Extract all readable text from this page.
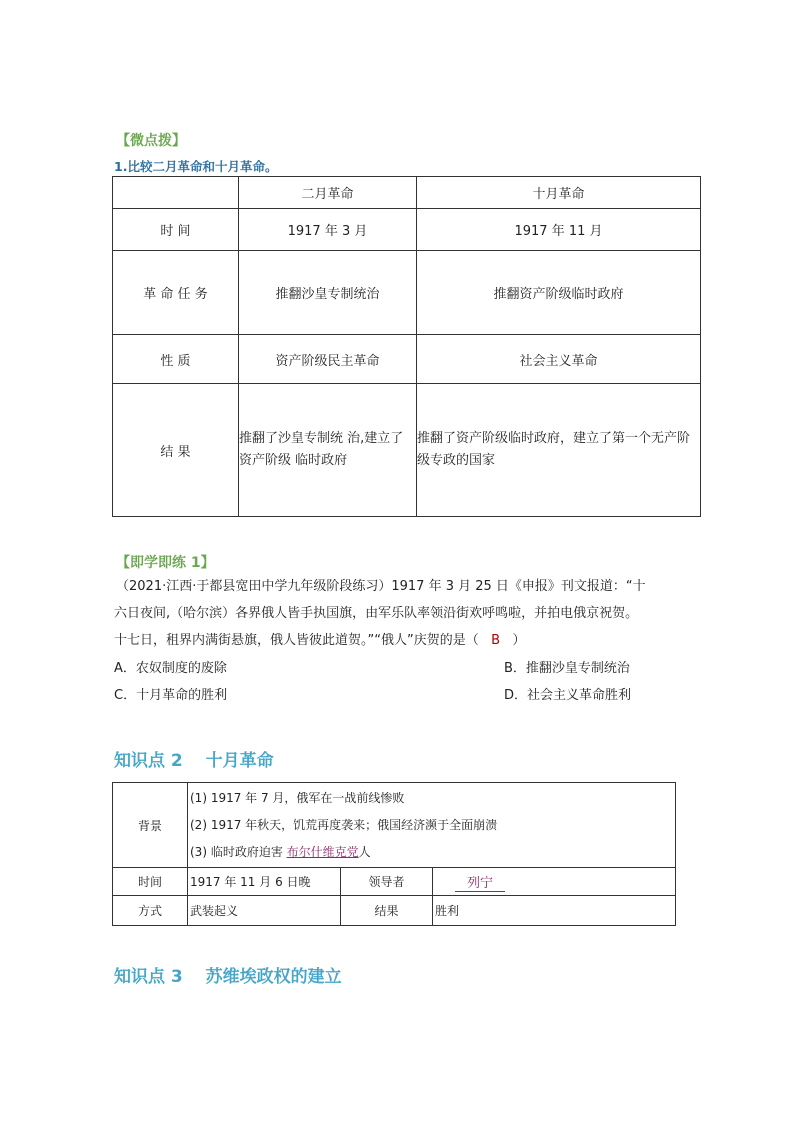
【微点拨】
1.比较二月革命和十月革命。
	二月革命	十月革命
时 间	1917 年 3 月	1917 年 11 月
革 命 任 务	推翻沙皇专制统治	推翻资产阶级临时政府
性 质	资产阶级民主革命	社会主义革命
结 果	推翻了沙皇专制统 治,建立了资产阶级 临时政府	推翻了资产阶级临时政府，建立了第一个无产阶级专政的国家
【即学即练 1】
（2021·江西·于都县宽田中学九年级阶段练习）1917 年 3 月 25 日《申报》刊文报道：“十
六日夜间,（哈尔滨）各界俄人皆手执国旗，由军乐队率领沿街欢呼鸣啦，并拍电俄京祝贺。
十七日，租界内满街悬旗，俄人皆彼此道贺。”“俄人”庆贺的是（ B ）
A．农奴制度的废除	B．推翻沙皇专制统治
C．十月革命的胜利	D．社会主义革命胜利
知识点 2　 十月革命
背景	(1) 1917 年 7 月，俄军在一战前线惨败
(2) 1917 年秋天，饥荒再度袭来；俄国经济濒于全面崩溃
(3) 临时政府迫害 布尔什维克党人		

时间	1917 年 11 月 6 日晚	领导者	列宁
方式	武装起义	结果	胜利
知识点 3　 苏维埃政权的建立
